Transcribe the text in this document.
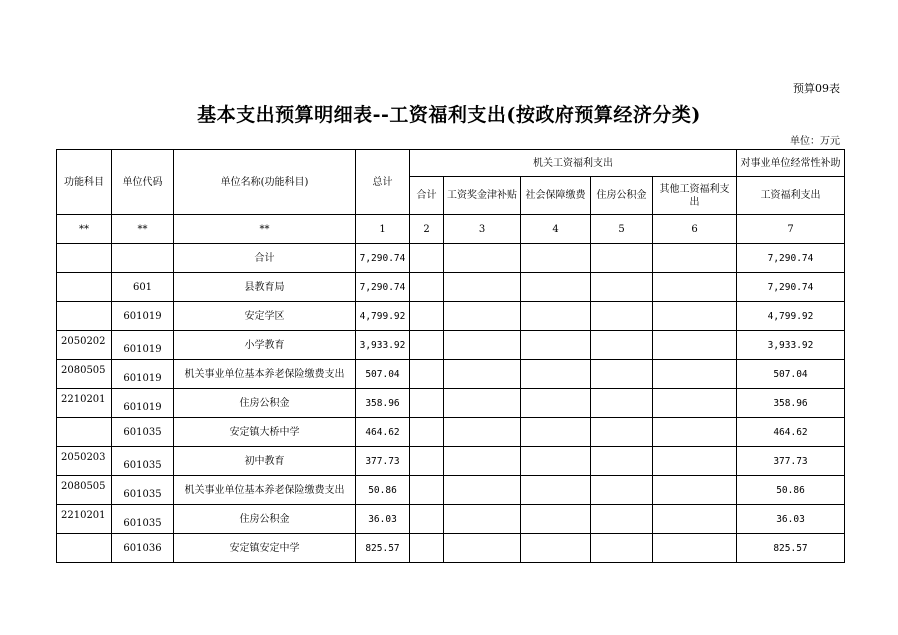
预算09表
基本支出预算明细表--工资福利支出(按政府预算经济分类)
单位：万元
功能科目	单位代码	单位名称(功能科目)	总计	机关工资福利支出					对事业单位经常性补助
				合计	工资奖金津补贴	社会保障缴费	住房公积金	其他工资福利支出	工资福利支出
**	**	**	1	2	3	4	5	6	7
		合计	7,290.74						7,290.74
	601	县教育局	7,290.74						7,290.74
	601019	安定学区	4,799.92						4,799.92
2050202	601019	小学教育	3,933.92						3,933.92
2080505	601019	机关事业单位基本养老保险缴费支出	507.04						507.04
2210201	601019	住房公积金	358.96						358.96
	601035	安定镇大桥中学	464.62						464.62
2050203	601035	初中教育	377.73						377.73
2080505	601035	机关事业单位基本养老保险缴费支出	50.86						50.86
2210201	601035	住房公积金	36.03						36.03
	601036	安定镇安定中学	825.57						825.57
